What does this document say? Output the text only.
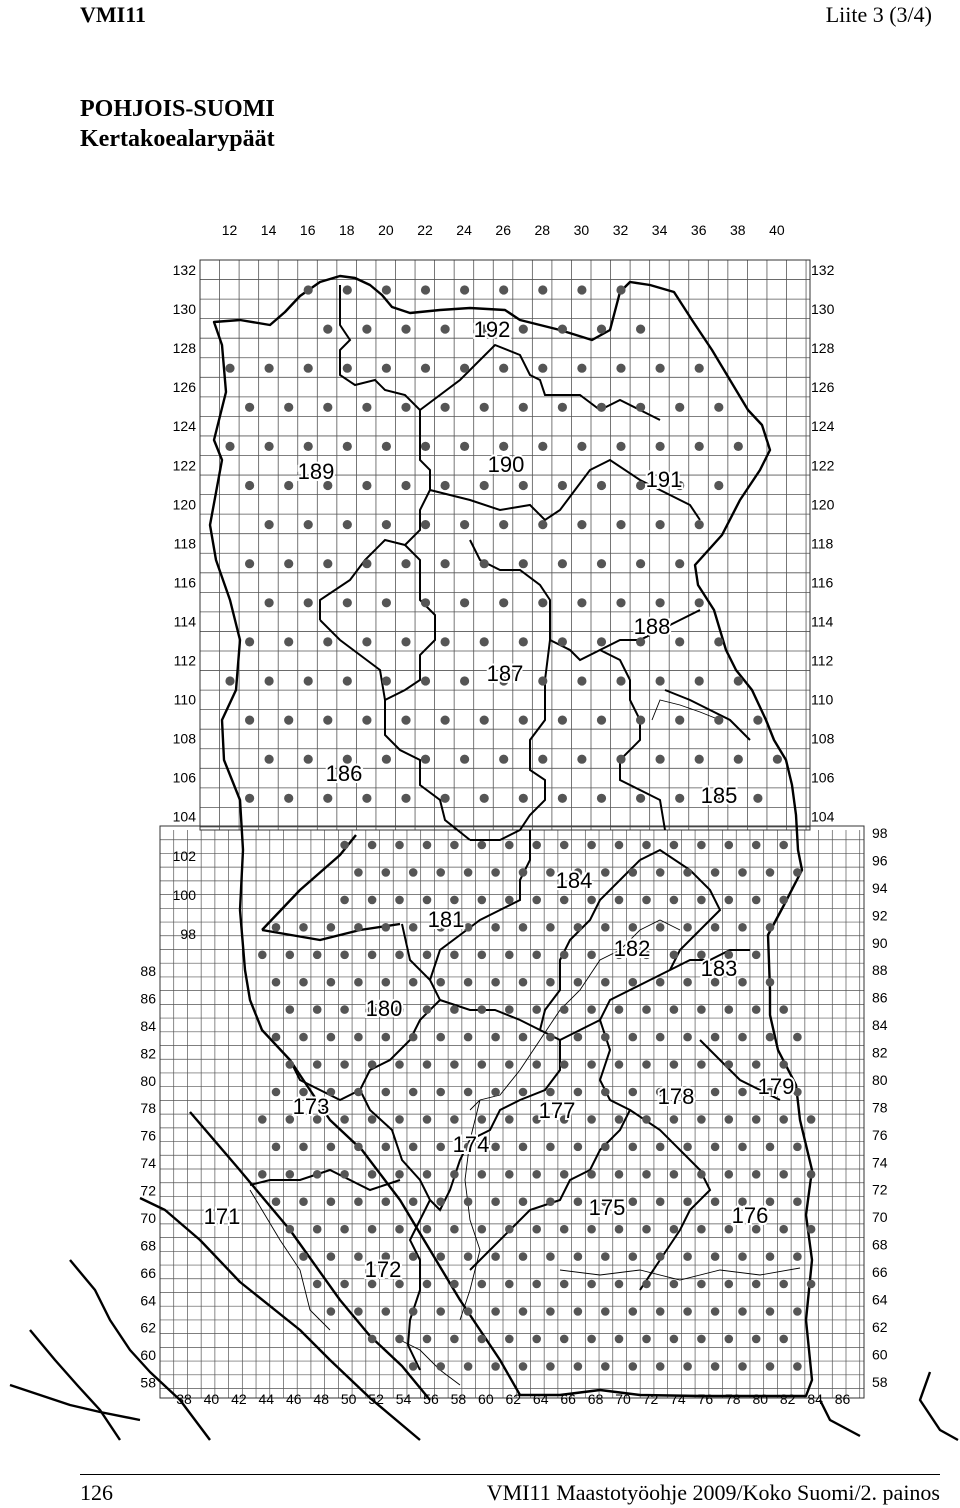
VMI11	Liite 3 (3/4)
POHJOIS-SUOMI
Kertakoealarypäät
12 14 16 18 20 22 24 26 28 30 32 34 36 38 40
132
130
128
126
124
122
120
118
116
114
112
110
108
106
104
102
100
98
132
130
128
126
124
122
120
118
116
114
112
110
108
106
104
88
86
84
82
80
78
76
74
72
70
68
66
64
62
60
58
98
96
94
92
90
88
86
84
82
80
78
76
74
72
70
68
66
64
62
60
58
38 40 42 44 46 48 50 52 54 56 58 60 62 64 66 68 70 72 74 76 78 80 82 84 86
192
189	190
191
188
187
186
185
184
181
182
183
180
179
178
173	177
174
175	176
171
172
126	VMI11 Maastotyöohje 2009/Koko Suomi/2. painos
